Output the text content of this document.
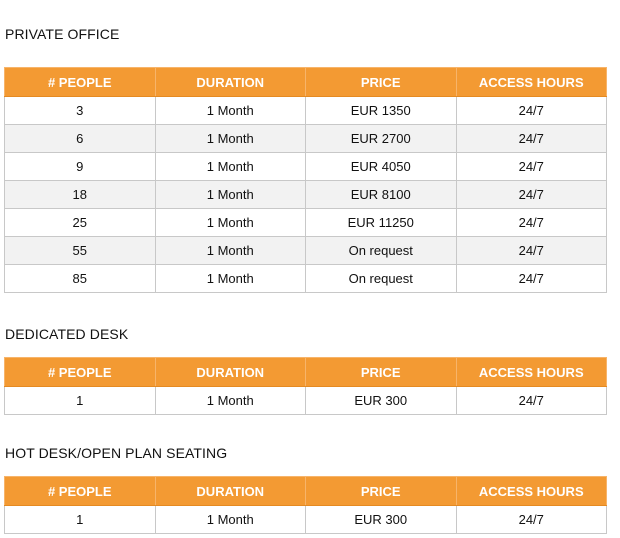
PRIVATE OFFICE
# PEOPLE	DURATION	PRICE	ACCESS HOURS
3	1 Month	EUR 1350	24/7
6	1 Month	EUR 2700	24/7
9	1 Month	EUR 4050	24/7
18	1 Month	EUR 8100	24/7
25	1 Month	EUR 11250	24/7
55	1 Month	On request	24/7
85	1 Month	On request	24/7
DEDICATED DESK
# PEOPLE	DURATION	PRICE	ACCESS HOURS
1	1 Month	EUR 300	24/7
HOT DESK/OPEN PLAN SEATING
# PEOPLE	DURATION	PRICE	ACCESS HOURS
1	1 Month	EUR 300	24/7
